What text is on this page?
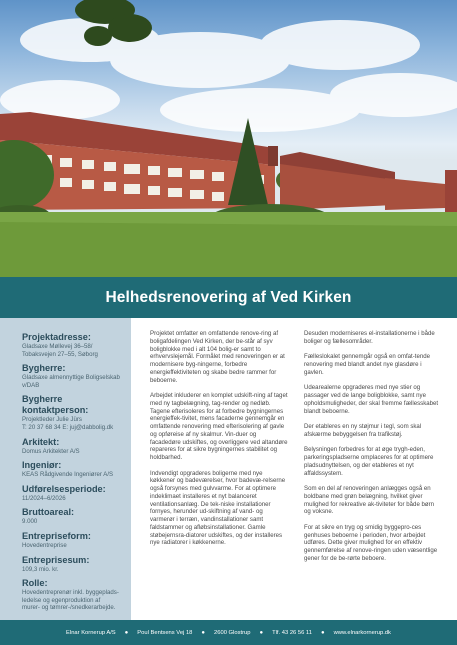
Helhedsrenovering af Ved Kirken
Projektadresse:
Gladsaxe Møllevej 36–58/
Tobaksvejen 27–55, Søborg
Bygherre:
Gladsaxe almennyttige Boligselskab
v/DAB
Bygherre kontaktperson:
Projektleder Julie Jürs
T: 20 37 68 34 E: juj@dabbolig.dk
Arkitekt:
Domus Arkitekter A/S
Ingeniør:
KEAS Rådgivende Ingeniører A/S
Udførelsesperiode:
11/2024–6/2026
Bruttoareal:
9.000
Entrepriseform:
Hovedentreprise
Entreprisesum:
109,3 mio. kr.
Rolle:
Hovedentreprenør inkl. byggeplads-
ledelse og egenproduktion af
murer- og tømrer-/snedkerarbejde.

Projektet omfatter en omfattende renove-ring af boligafdelingen Ved Kirken, der be-står af syv boligblokke med i alt 104 bolig-er samt to erhvervslejemål. Formålet med renoveringen er at modernisere byg-ningerne, forbedre energieffektiviteten og skabe bedre rammer for beboerne.

Arbejdet inkluderer en komplet udskift-ning af taget med ny tagbelægning, tag-render og nedløb. Tagene efterisoleres for at forbedre bygningernes energieffek-tivitet, mens facaderne gennemgår en omfattende renovering med efterisolering af gavle og opføreise af ny skalmur. Vin-duer og facadedøre udskiftes, og overliggere ved altandøre repareres for at sikre bygningernes stabilitet og holdbarhed.

Indvendigt opgraderes boligerne med nye køkkener og badeværelser, hvor badevæ-relserne også forsynes med gulvvarme. For at optimere indeklimaet installeres et nyt balanceret ventilationsanlæg. De tek-niske installationer fornyes, herunder ud-skiftning af vand- og varmerør i terræn, vandinstallationer samt faldstammer og afløbsinstallationer. Gamle støbejernsra-diatorer udskiftes, og der installeres nye radiatorer i køkkenerne.

Desuden moderniseres el-installationerne i både boliger og fællesområder.

Fælleslokalet gennemgår også en omfat-tende renovering med blandt andet nye glasdøre i gavlen.

Udearealerne opgraderes med nye stier og passager ved de lange boligblokke, samt nye opholdsmuligheder, der skal fremme fællesskabet blandt beboerne.

Der etableres en ny støjmur i tegl, som skal afskærme bebyggelsen fra trafikstøj.

Belysningen forbedres for at øge trygh-eden, parkeringspladserne omplaceres for at optimere pladsudnyttelsen, og der etableres et nyt affaldssystem.

Som en del af renoveringen anlægges også en boldbane med grøn belægning, hvilket giver mulighed for rekreative ak-tiviteter for både børn og voksne.

For at sikre en tryg og smidig byggepro-ces genhuses beboerne i perioden, hvor arbejdet udføres. Dette giver mulighed for en effektiv gennemførelse af renove-ringen uden væsentlige gener for de be-rørte beboere.

Elnar Kornerup A/S ● Poul Bentsens Vej 18 ● 2600 Glostrup ● Tlf. 43 26 56 11 ● www.elnarkornerup.dk
